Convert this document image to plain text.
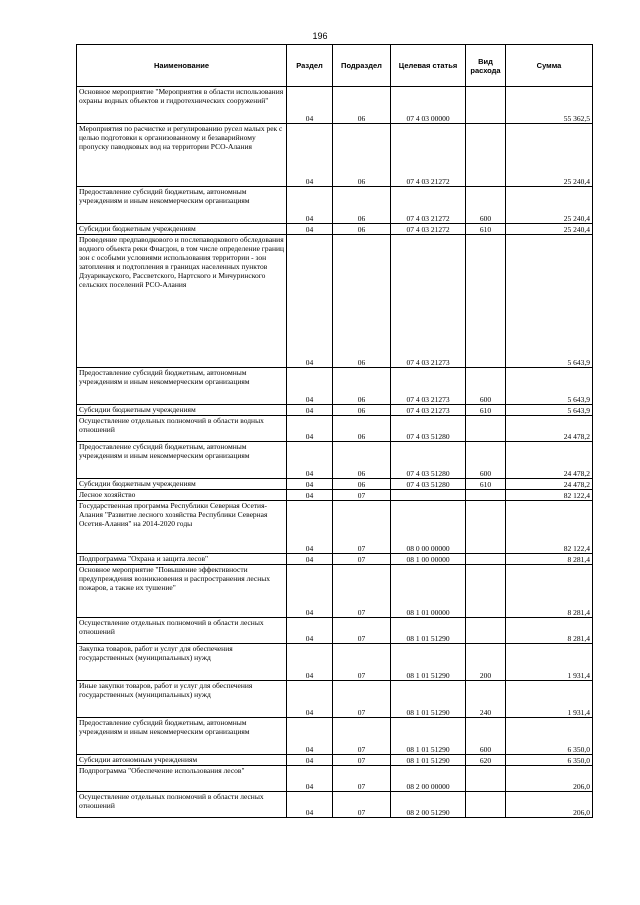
196
Наименование	Раздел	Подраздел	Целевая статья	Вид расхода	Сумма
Основное мероприятие "Мероприятия в области использования охраны водных объектов и гидротехнических сооружений"	04	06	07 4 03 00000		55 362,5
Мероприятия по расчистке и регулированию русел малых рек с целью подготовки к организованному и безаварийному пропуску паводковых вод на территории РСО-Алания	04	06	07 4 03 21272		25 240,4
Предоставление субсидий бюджетным, автономным учреждениям и иным некоммерческим организациям	04	06	07 4 03 21272	600	25 240,4
Субсидии бюджетным учреждениям	04	06	07 4 03 21272	610	25 240,4
Проведение предпаводкового и послепаводкового обследования водного объекта реки Фиагдон, в том числе определение границ зон с особыми условиями использования территории - зон затопления и подтопления в границах населенных пунктов Дзуарикауского, Рассветского, Нартского и Мичуринского сельских поселений РСО-Алания	04	06	07 4 03 21273		5 643,9
Предоставление субсидий бюджетным, автономным учреждениям и иным некоммерческим организациям	04	06	07 4 03 21273	600	5 643,9
Субсидии бюджетным учреждениям	04	06	07 4 03 21273	610	5 643,9
Осуществление отдельных полномочий в области водных отношений	04	06	07 4 03 51280		24 478,2
Предоставление субсидий бюджетным, автономным учреждениям и иным некоммерческим организациям	04	06	07 4 03 51280	600	24 478,2
Субсидии бюджетным учреждениям	04	06	07 4 03 51280	610	24 478,2
Лесное хозяйство	04	07			82 122,4
Государственная программа Республики Северная Осетия-Алания "Развитие лесного хозяйства Республики Северная Осетия-Алания" на 2014-2020 годы	04	07	08 0 00 00000		82 122,4
Подпрограмма "Охрана и защита лесов"	04	07	08 1 00 00000		8 281,4
Основное мероприятие "Повышение эффективности предупреждения возникновения и распространения лесных пожаров, а также их тушение"	04	07	08 1 01 00000		8 281,4
Осуществление отдельных полномочий в области лесных отношений	04	07	08 1 01 51290		8 281,4
Закупка товаров, работ и услуг для обеспечения государственных (муниципальных) нужд	04	07	08 1 01 51290	200	1 931,4
Иные закупки товаров, работ и услуг для обеспечения государственных (муниципальных) нужд	04	07	08 1 01 51290	240	1 931,4
Предоставление субсидий бюджетным, автономным учреждениям и иным некоммерческим организациям	04	07	08 1 01 51290	600	6 350,0
Субсидии автономным учреждениям	04	07	08 1 01 51290	620	6 350,0
Подпрограмма "Обеспечение использования лесов"	04	07	08 2 00 00000		206,0
Осуществление отдельных полномочий в области лесных отношений	04	07	08 2 00 51290		206,0
